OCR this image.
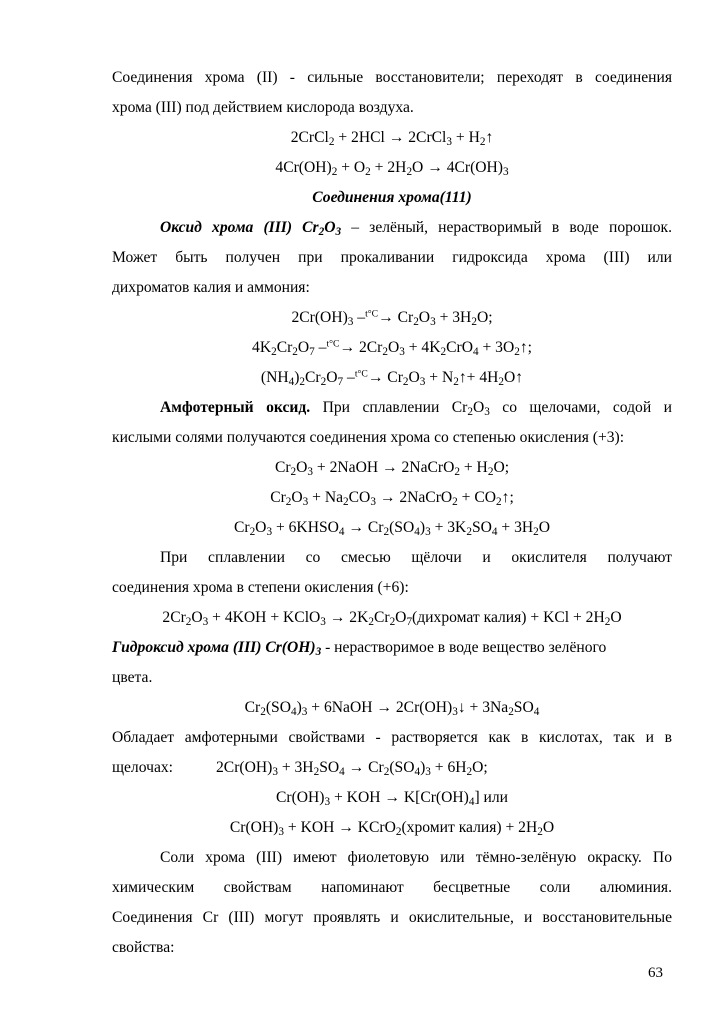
Соединения хрома (II) - сильные восстановители; переходят в соединения
хрома (III) под действием кислорода воздуха.
2CrCl$_2$ + 2HCl → 2CrCl$_3$ + $H_2↑$
$4Cr(OH)_2 + O_2 + 2H_2O \to 4Cr(OH)_3$
Соединения хрома(111)
Оксид хрома (III) $Cr_2O_3$ – зелёный, нерастворимый в воде порошок.
Может быть получен при прокаливании гидроксида хрома (III) или
дихроматов калия и аммония:
$2Cr(OH)_3$ $-^{t^\circ C}\to Cr_2O_3 + 3H_2O$;
$4K_2Cr_2O_7$ $-^{t^\circ C}\to 2Cr_2O_3 + 4K_2CrO_4$ + $3O_2↑$;
$(NH_4)_2Cr_2O_7$ $-^{t^\circ C}\to Cr_2O_3$ + $N_2↑+$ $4H_2O↑$
Амфотерный оксид. При сплавлении $Cr_2O_3$ со щелочами, содой и
кислыми солями получаются соединения хрома со степенью окисления (+3):
$Cr_2O_3$ + 2NaOH → 2NaCrO$_2$ + $H_2O$;
$Cr_2O_3 + Na_2CO_3$ → 2NaCrO$_2$ + $CO_2↑$;
$Cr_2O_3$ + $6KHSO_4 \to Cr_2(SO_4)_3 + 3K_2SO_4 + 3H_2O$
При сплавлении со смесью щёлочи и окислителя получают
соединения хрома в степени окисления (+6):
$2Cr_2O_3 + 4KOH$ + KClO$_3$ → $2K_2Cr_2O_7(дихромат$ калия) + KCl + $2H_2O$
Гидроксид хрома (III) $Cr(OH)_3$ - нерастворимое в воде вещество зелёного
цвета.
$Cr_2(SO_4)_3$ + 6NaOH → $2Cr(OH)_3↓ + 3Na_2SO_4$
Обладает амфотерными свойствами - растворяется как в кислотах, так и в
щелочах:	$2Cr(OH)_3 + 3H_2SO_4 \to Cr_2(SO_4)_3 + 6H_2O$;
$Cr(OH)_3$ + KOH → $K[Cr(OH)_4]$ или
$Cr(OH)_3$ + KOH → KCrO$_2$(хромит калия) + $2H_2O$
Соли хрома (III) имеют фиолетовую или тёмно-зелёную окраску. По
химическим свойствам напоминают бесцветные соли алюминия.
Соединения Cr (III) могут проявлять и окислительные, и восстановительные
свойства:
63
